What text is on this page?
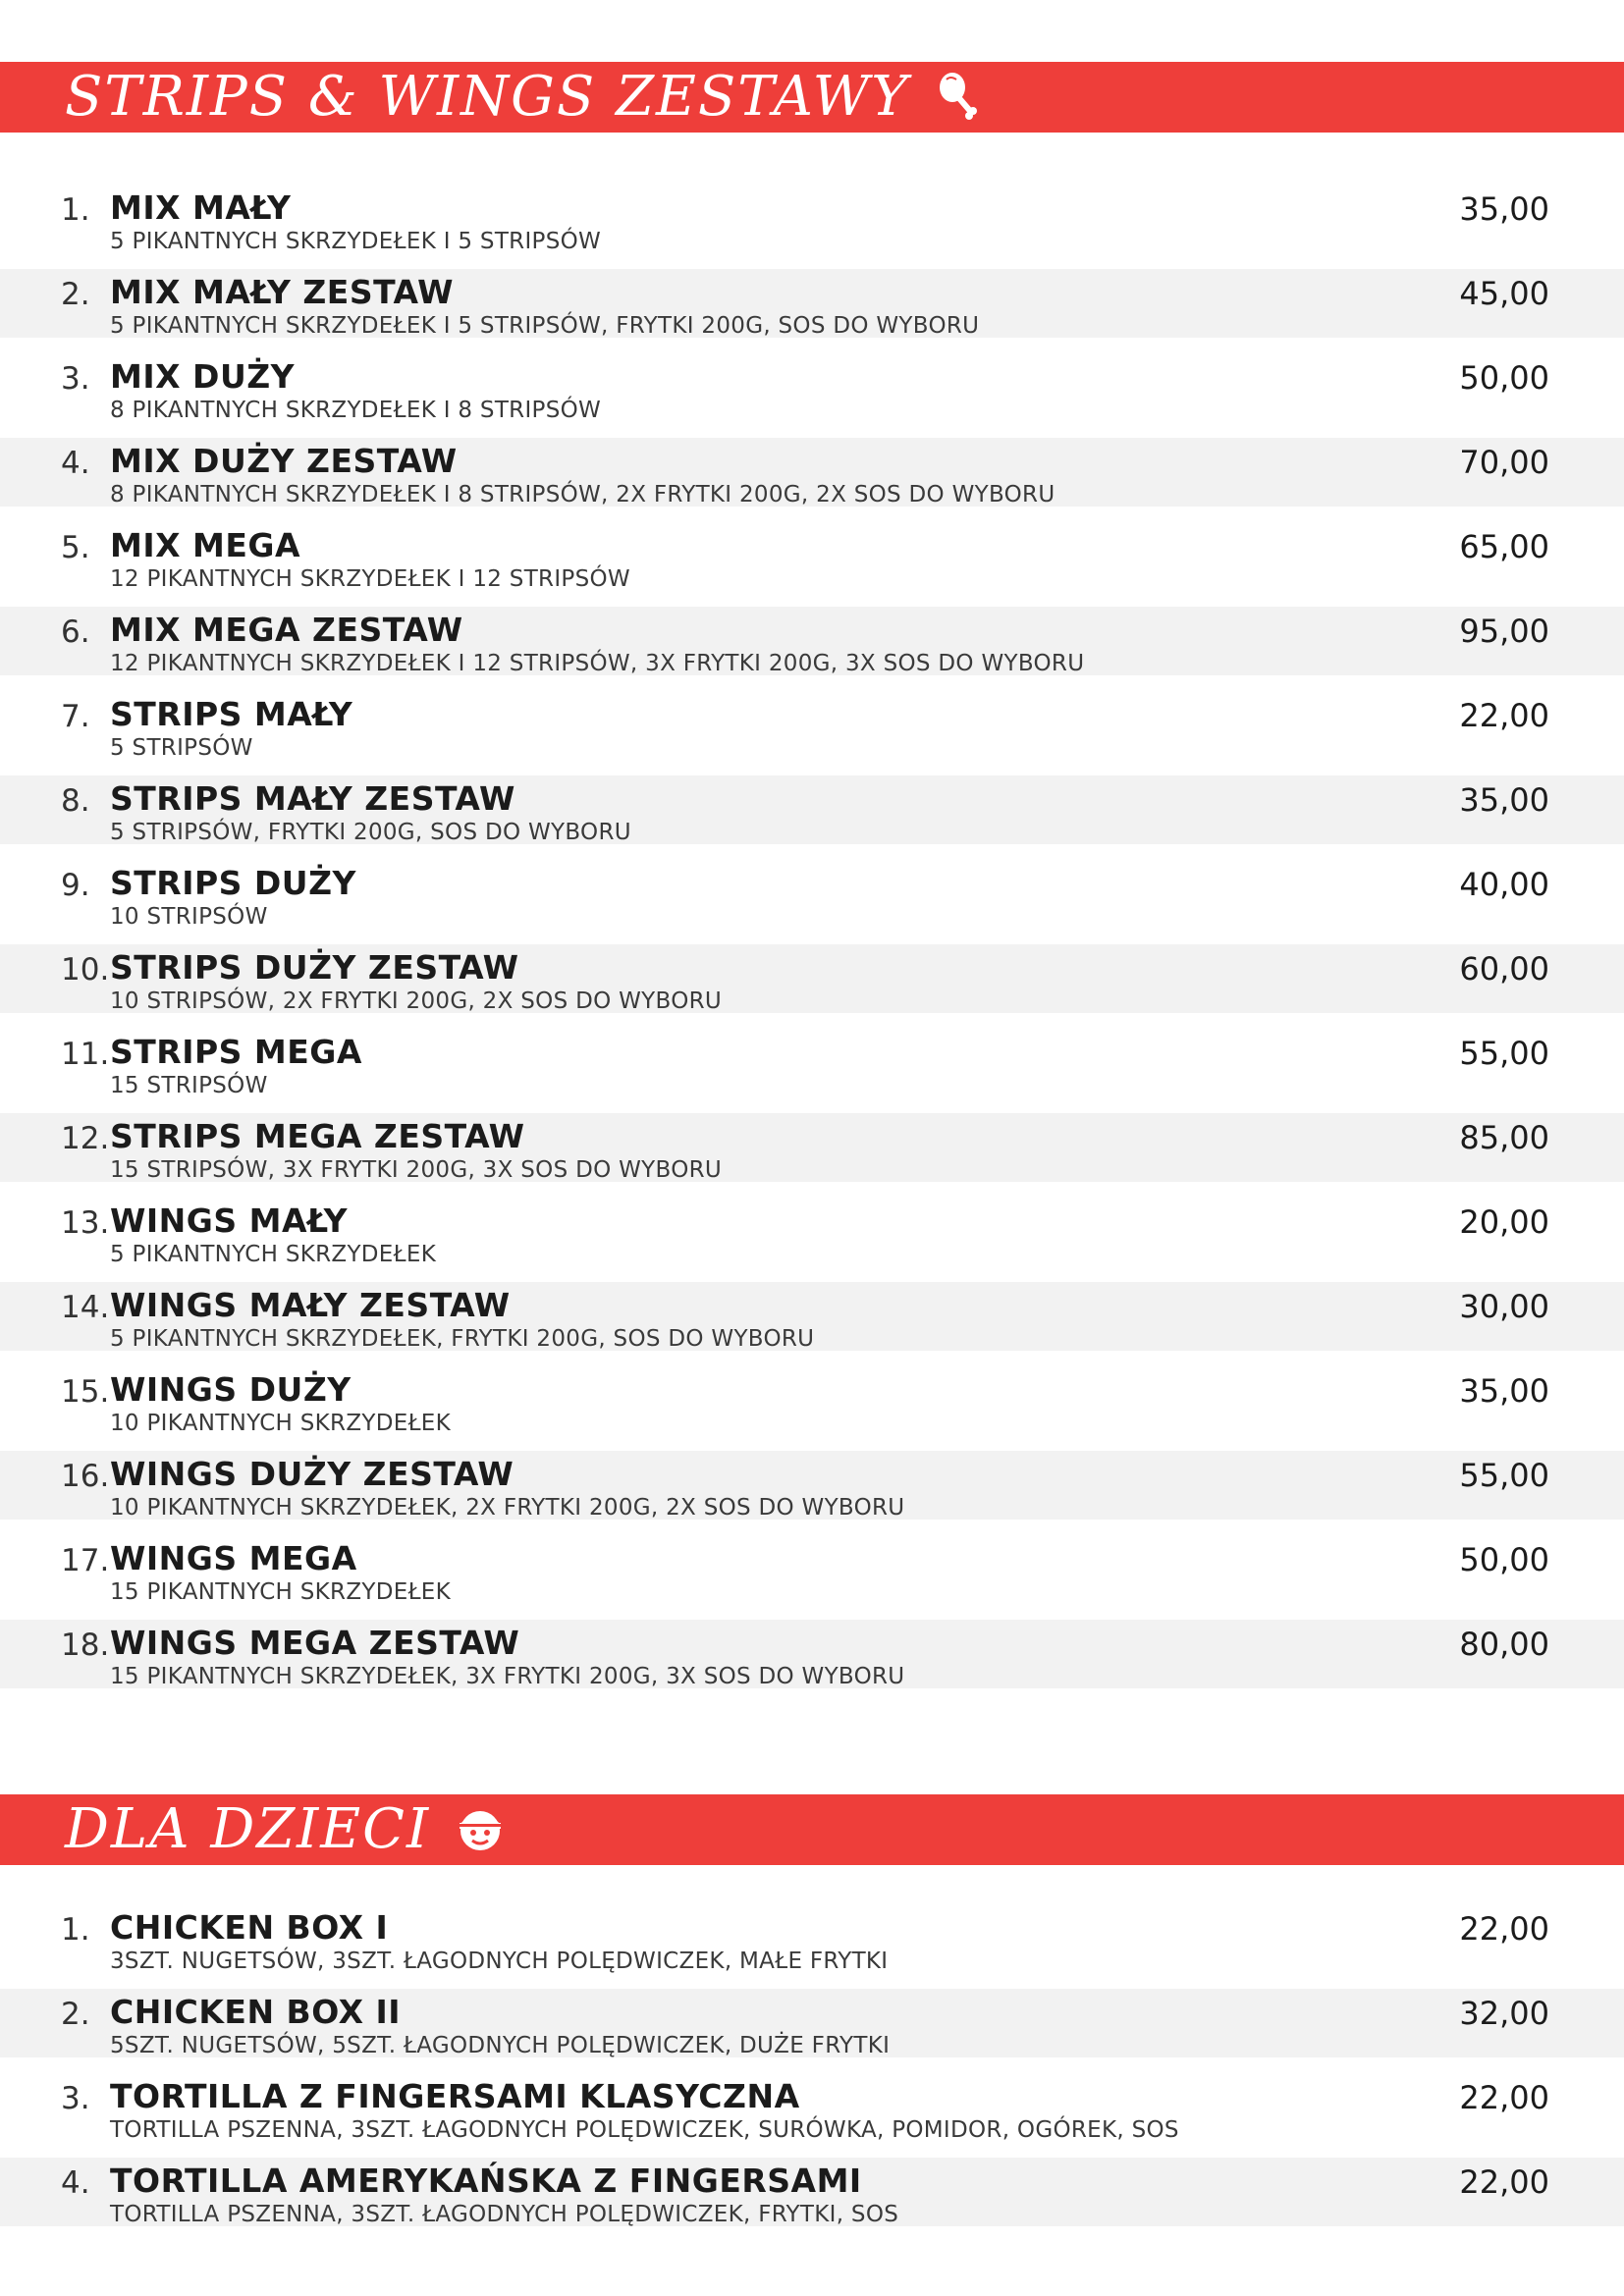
STRIPS & WINGS ZESTAWY
1. MIX MAŁY
5 PIKANTNYCH SKRZYDEŁEK I 5 STRIPSÓW
35,00
2. MIX MAŁY ZESTAW
5 PIKANTNYCH SKRZYDEŁEK I 5 STRIPSÓW, FRYTKI 200G, SOS DO WYBORU
45,00
3. MIX DUŻY
8 PIKANTNYCH SKRZYDEŁEK I 8 STRIPSÓW
50,00
4. MIX DUŻY ZESTAW
8 PIKANTNYCH SKRZYDEŁEK I 8 STRIPSÓW, 2X FRYTKI 200G, 2X SOS DO WYBORU
70,00
5. MIX MEGA
12 PIKANTNYCH SKRZYDEŁEK I 12 STRIPSÓW
65,00
6. MIX MEGA ZESTAW
12 PIKANTNYCH SKRZYDEŁEK I 12 STRIPSÓW, 3X FRYTKI 200G, 3X SOS DO WYBORU
95,00
7. STRIPS MAŁY
5 STRIPSÓW
22,00
8. STRIPS MAŁY ZESTAW
5 STRIPSÓW, FRYTKI 200G, SOS DO WYBORU
35,00
9. STRIPS DUŻY
10 STRIPSÓW
40,00
10. STRIPS DUŻY ZESTAW
10 STRIPSÓW, 2X FRYTKI 200G, 2X SOS DO WYBORU
60,00
11. STRIPS MEGA
15 STRIPSÓW
55,00
12. STRIPS MEGA ZESTAW
15 STRIPSÓW, 3X FRYTKI 200G, 3X SOS DO WYBORU
85,00
13. WINGS MAŁY
5 PIKANTNYCH SKRZYDEŁEK
20,00
14. WINGS MAŁY ZESTAW
5 PIKANTNYCH SKRZYDEŁEK, FRYTKI 200G, SOS DO WYBORU
30,00
15. WINGS DUŻY
10 PIKANTNYCH SKRZYDEŁEK
35,00
16. WINGS DUŻY ZESTAW
10 PIKANTNYCH SKRZYDEŁEK, 2X FRYTKI 200G, 2X SOS DO WYBORU
55,00
17. WINGS MEGA
15 PIKANTNYCH SKRZYDEŁEK
50,00
18. WINGS MEGA ZESTAW
15 PIKANTNYCH SKRZYDEŁEK, 3X FRYTKI 200G, 3X SOS DO WYBORU
80,00
DLA DZIECI
1. CHICKEN BOX I
3SZT. NUGETSÓW, 3SZT. ŁAGODNYCH POLĘDWICZEK, MAŁE FRYTKI
22,00
2. CHICKEN BOX II
5SZT. NUGETSÓW, 5SZT. ŁAGODNYCH POLĘDWICZEK, DUŻE FRYTKI
32,00
3. TORTILLA Z FINGERSAMI KLASYCZNA
TORTILLA PSZENNA, 3SZT. ŁAGODNYCH POLĘDWICZEK, SURÓWKA, POMIDOR, OGÓREK, SOS
22,00
4. TORTILLA AMERYKAŃSKA Z FINGERSAMI
TORTILLA PSZENNA, 3SZT. ŁAGODNYCH POLĘDWICZEK, FRYTKI, SOS
22,00
